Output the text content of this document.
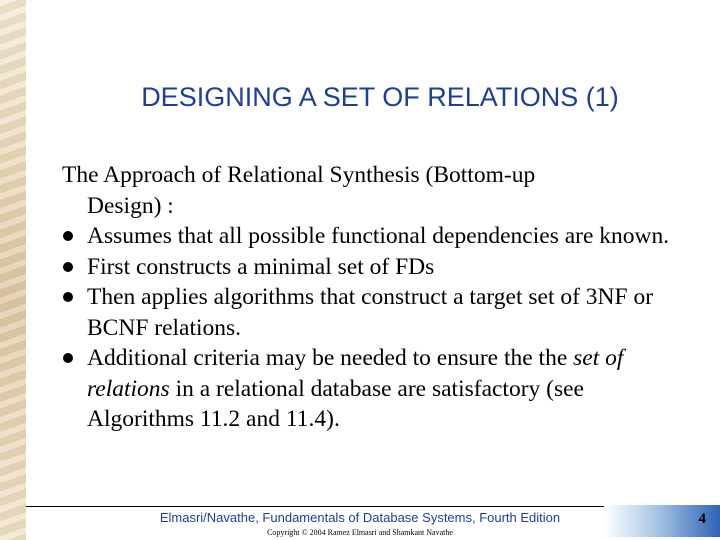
DESIGNING A SET OF RELATIONS (1)
The Approach of Relational Synthesis (Bottom-up
Design) :
Assumes that all possible functional dependencies are known.
First constructs a minimal set of FDs
Then applies algorithms that construct a target set of 3NF or BCNF relations.
Additional criteria may be needed to ensure the the set of relations in a relational database are satisfactory (see Algorithms 11.2 and 11.4).
Elmasri/Navathe, Fundamentals of Database Systems, Fourth Edition
Copyright © 2004 Ramez Elmasri and Shamkant Navathe
4
